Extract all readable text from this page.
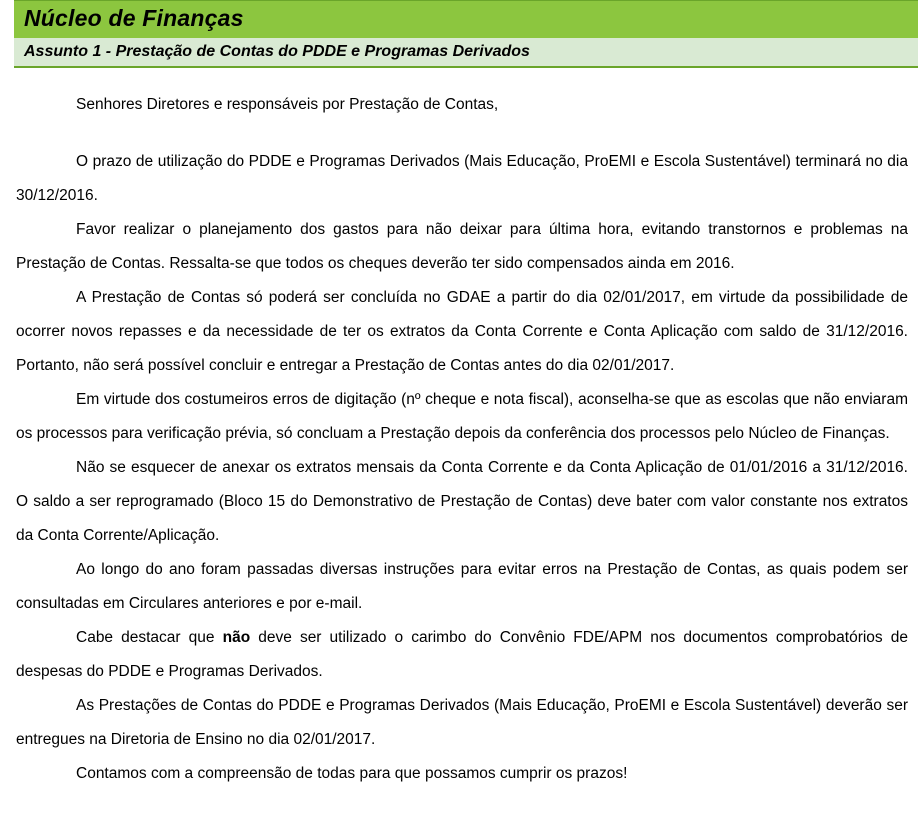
Núcleo de Finanças
Assunto 1 - Prestação de Contas do PDDE e Programas Derivados

Senhores Diretores e responsáveis por Prestação de Contas,

O prazo de utilização do PDDE e Programas Derivados (Mais Educação, ProEMI e Escola Sustentável) terminará no dia 30/12/2016.

Favor realizar o planejamento dos gastos para não deixar para última hora, evitando transtornos e problemas na Prestação de Contas. Ressalta-se que todos os cheques deverão ter sido compensados ainda em 2016.

A Prestação de Contas só poderá ser concluída no GDAE a partir do dia 02/01/2017, em virtude da possibilidade de ocorrer novos repasses e da necessidade de ter os extratos da Conta Corrente e Conta Aplicação com saldo de 31/12/2016. Portanto, não será possível concluir e entregar a Prestação de Contas antes do dia 02/01/2017.

Em virtude dos costumeiros erros de digitação (nº cheque e nota fiscal), aconselha-se que as escolas que não enviaram os processos para verificação prévia, só concluam a Prestação depois da conferência dos processos pelo Núcleo de Finanças.

Não se esquecer de anexar os extratos mensais da Conta Corrente e da Conta Aplicação de 01/01/2016 a 31/12/2016. O saldo a ser reprogramado (Bloco 15 do Demonstrativo de Prestação de Contas) deve bater com valor constante nos extratos da Conta Corrente/Aplicação.

Ao longo do ano foram passadas diversas instruções para evitar erros na Prestação de Contas, as quais podem ser consultadas em Circulares anteriores e por e-mail.

Cabe destacar que não deve ser utilizado o carimbo do Convênio FDE/APM nos documentos comprobatórios de despesas do PDDE e Programas Derivados.

As Prestações de Contas do PDDE e Programas Derivados (Mais Educação, ProEMI e Escola Sustentável) deverão ser entregues na Diretoria de Ensino no dia 02/01/2017.

Contamos com a compreensão de todas para que possamos cumprir os prazos!
